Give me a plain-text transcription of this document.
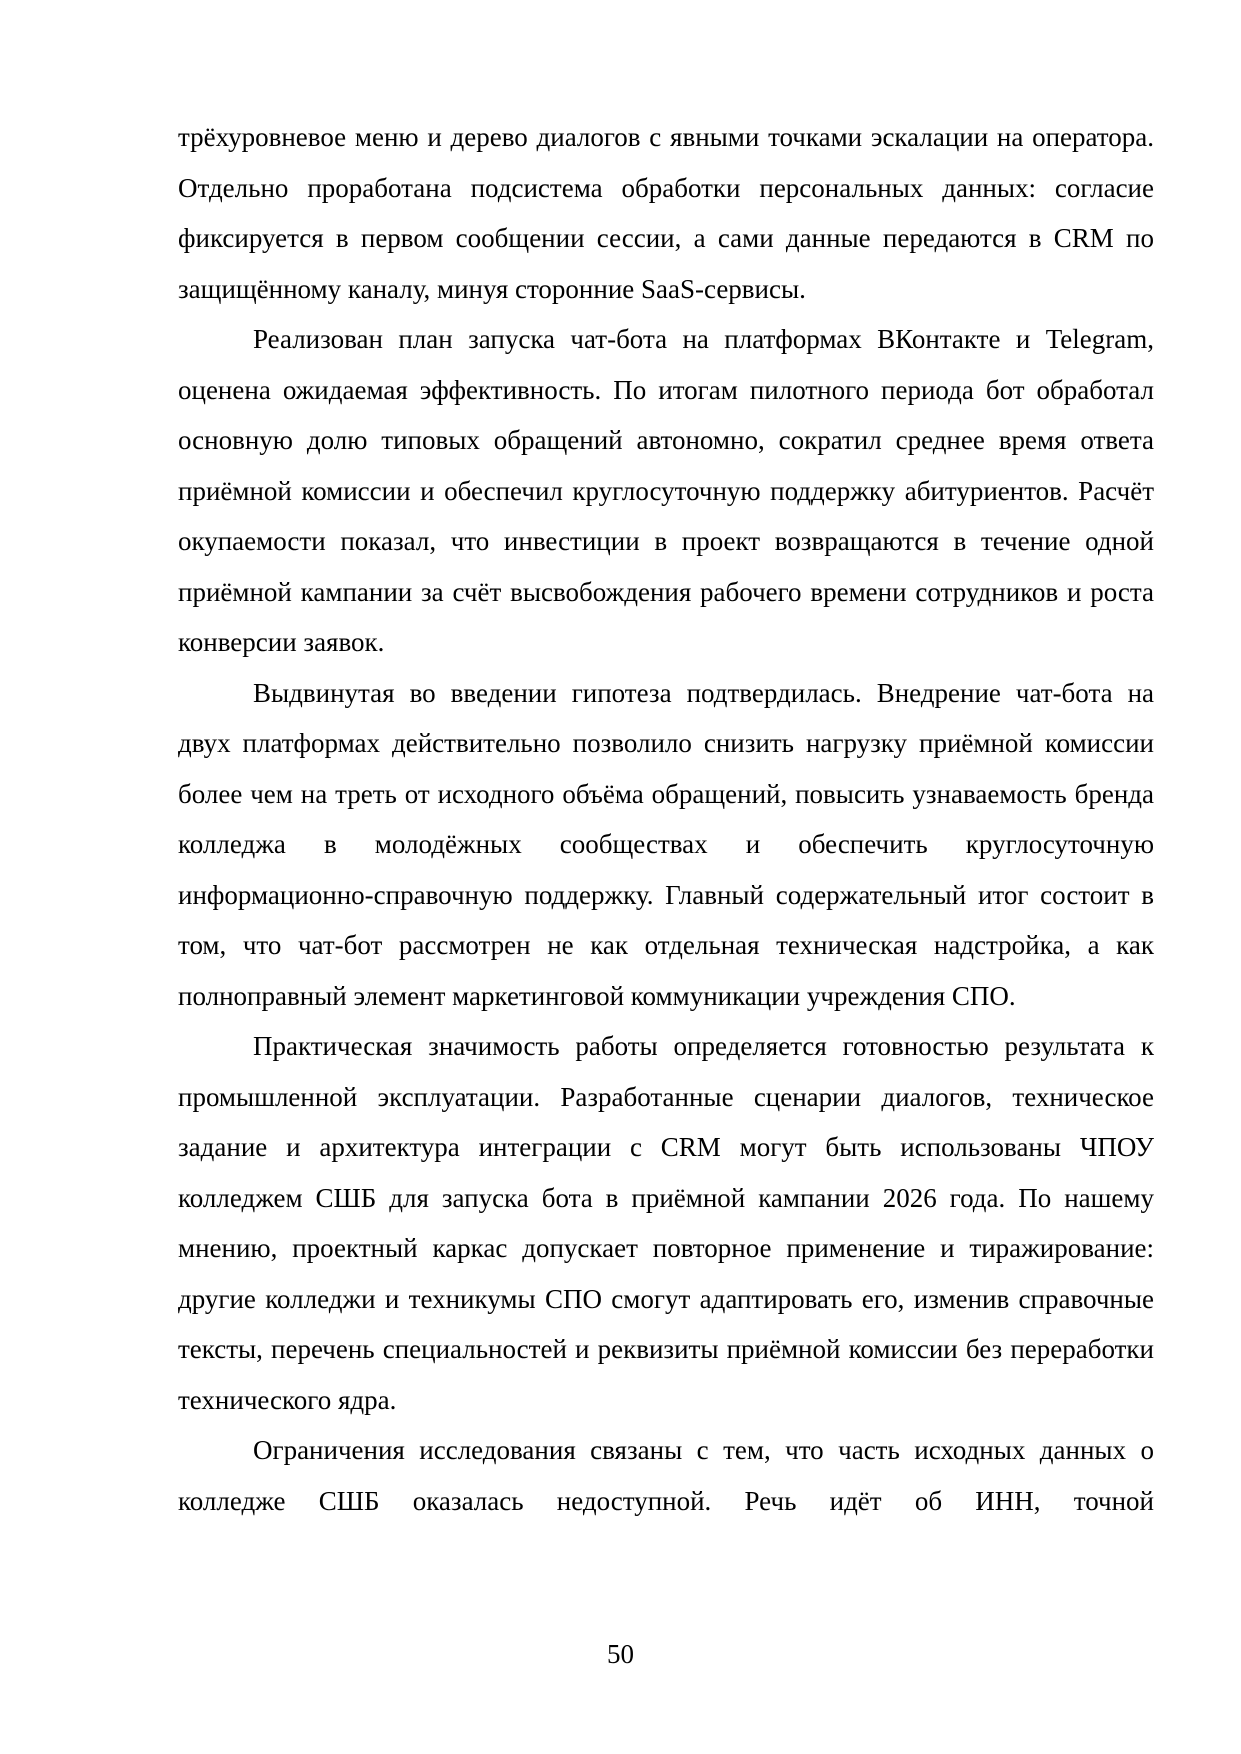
трёхуровневое меню и дерево диалогов с явными точками эскалации на оператора. Отдельно проработана подсистема обработки персональных данных: согласие фиксируется в первом сообщении сессии, а сами данные передаются в CRM по защищённому каналу, минуя сторонние SaaS-сервисы.

Реализован план запуска чат-бота на платформах ВКонтакте и Telegram, оценена ожидаемая эффективность. По итогам пилотного периода бот обработал основную долю типовых обращений автономно, сократил среднее время ответа приёмной комиссии и обеспечил круглосуточную поддержку абитуриентов. Расчёт окупаемости показал, что инвестиции в проект возвращаются в течение одной приёмной кампании за счёт высвобождения рабочего времени сотрудников и роста конверсии заявок.

Выдвинутая во введении гипотеза подтвердилась. Внедрение чат-бота на двух платформах действительно позволило снизить нагрузку приёмной комиссии более чем на треть от исходного объёма обращений, повысить узнаваемость бренда колледжа в молодёжных сообществах и обеспечить круглосуточную информационно-справочную поддержку. Главный содержательный итог состоит в том, что чат-бот рассмотрен не как отдельная техническая надстройка, а как полноправный элемент маркетинговой коммуникации учреждения СПО.

Практическая значимость работы определяется готовностью результата к промышленной эксплуатации. Разработанные сценарии диалогов, техническое задание и архитектура интеграции с CRM могут быть использованы ЧПОУ колледжем СШБ для запуска бота в приёмной кампании 2026 года. По нашему мнению, проектный каркас допускает повторное применение и тиражирование: другие колледжи и техникумы СПО смогут адаптировать его, изменив справочные тексты, перечень специальностей и реквизиты приёмной комиссии без переработки технического ядра.

Ограничения исследования связаны с тем, что часть исходных данных о колледже СШБ оказалась недоступной. Речь идёт об ИНН, точной

50
